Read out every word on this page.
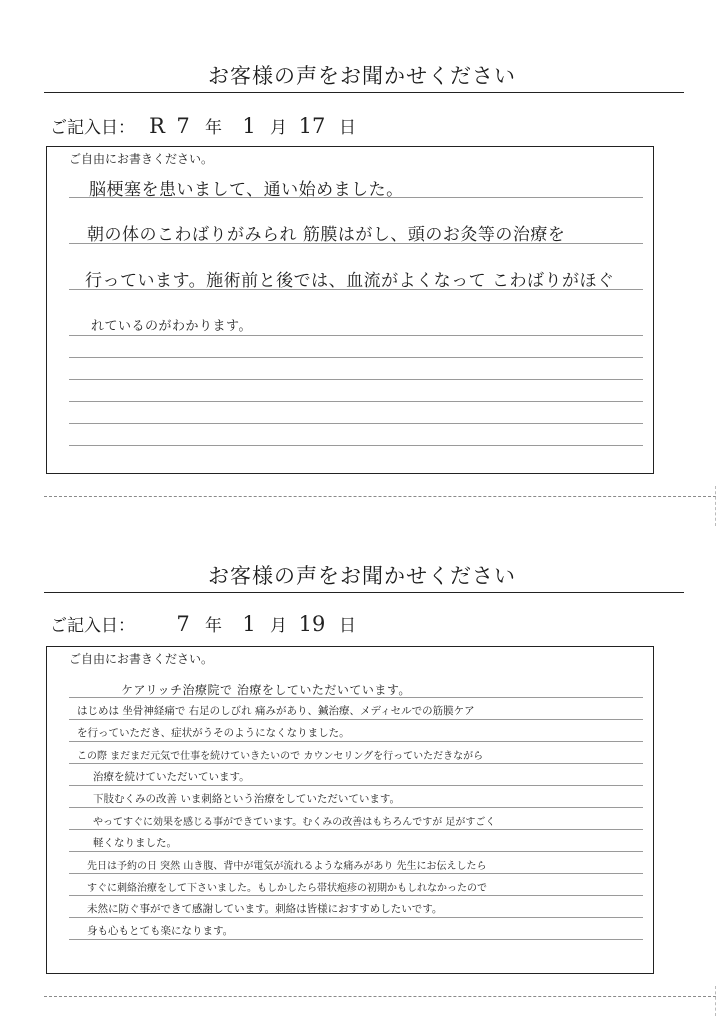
お客様の声をお聞かせください
ご記入日： R 7 年 1 月 17 日
ご自由にお書きください。
脳梗塞を患いまして、通い始めました。
朝の体のこわばりがみられ 筋膜はがし、頭のお灸等の治療を
行っています。施術前と後では、血流がよくなって こわばりがほぐ
れているのがわかります。
お客様の声をお聞かせください
ご記入日： 7 年 1 月 19 日
ご自由にお書きください。
ケアリッチ治療院で 治療をしていただいています。
はじめは 坐骨神経痛で 右足のしびれ 痛みがあり、鍼治療、メディセルでの筋膜ケア
を行っていただき、症状がうそのようになくなりました。
この際 まだまだ元気で仕事を続けていきたいので カウンセリングを行っていただきながら
治療を続けていただいています。
下肢むくみの改善 いま刺絡という治療をしていただいています。
やってすぐに効果を感じる事ができています。むくみの改善はもちろんですが 足がすごく
軽くなりました。
先日は予約の日 突然 山き腹、背中が電気が流れるような痛みがあり 先生にお伝えしたら
すぐに刺絡治療をして下さいました。もしかしたら帯状疱疹の初期かもしれなかったので
未然に防ぐ事ができて感謝しています。刺絡は皆様におすすめしたいです。
身も心もとても楽になります。
